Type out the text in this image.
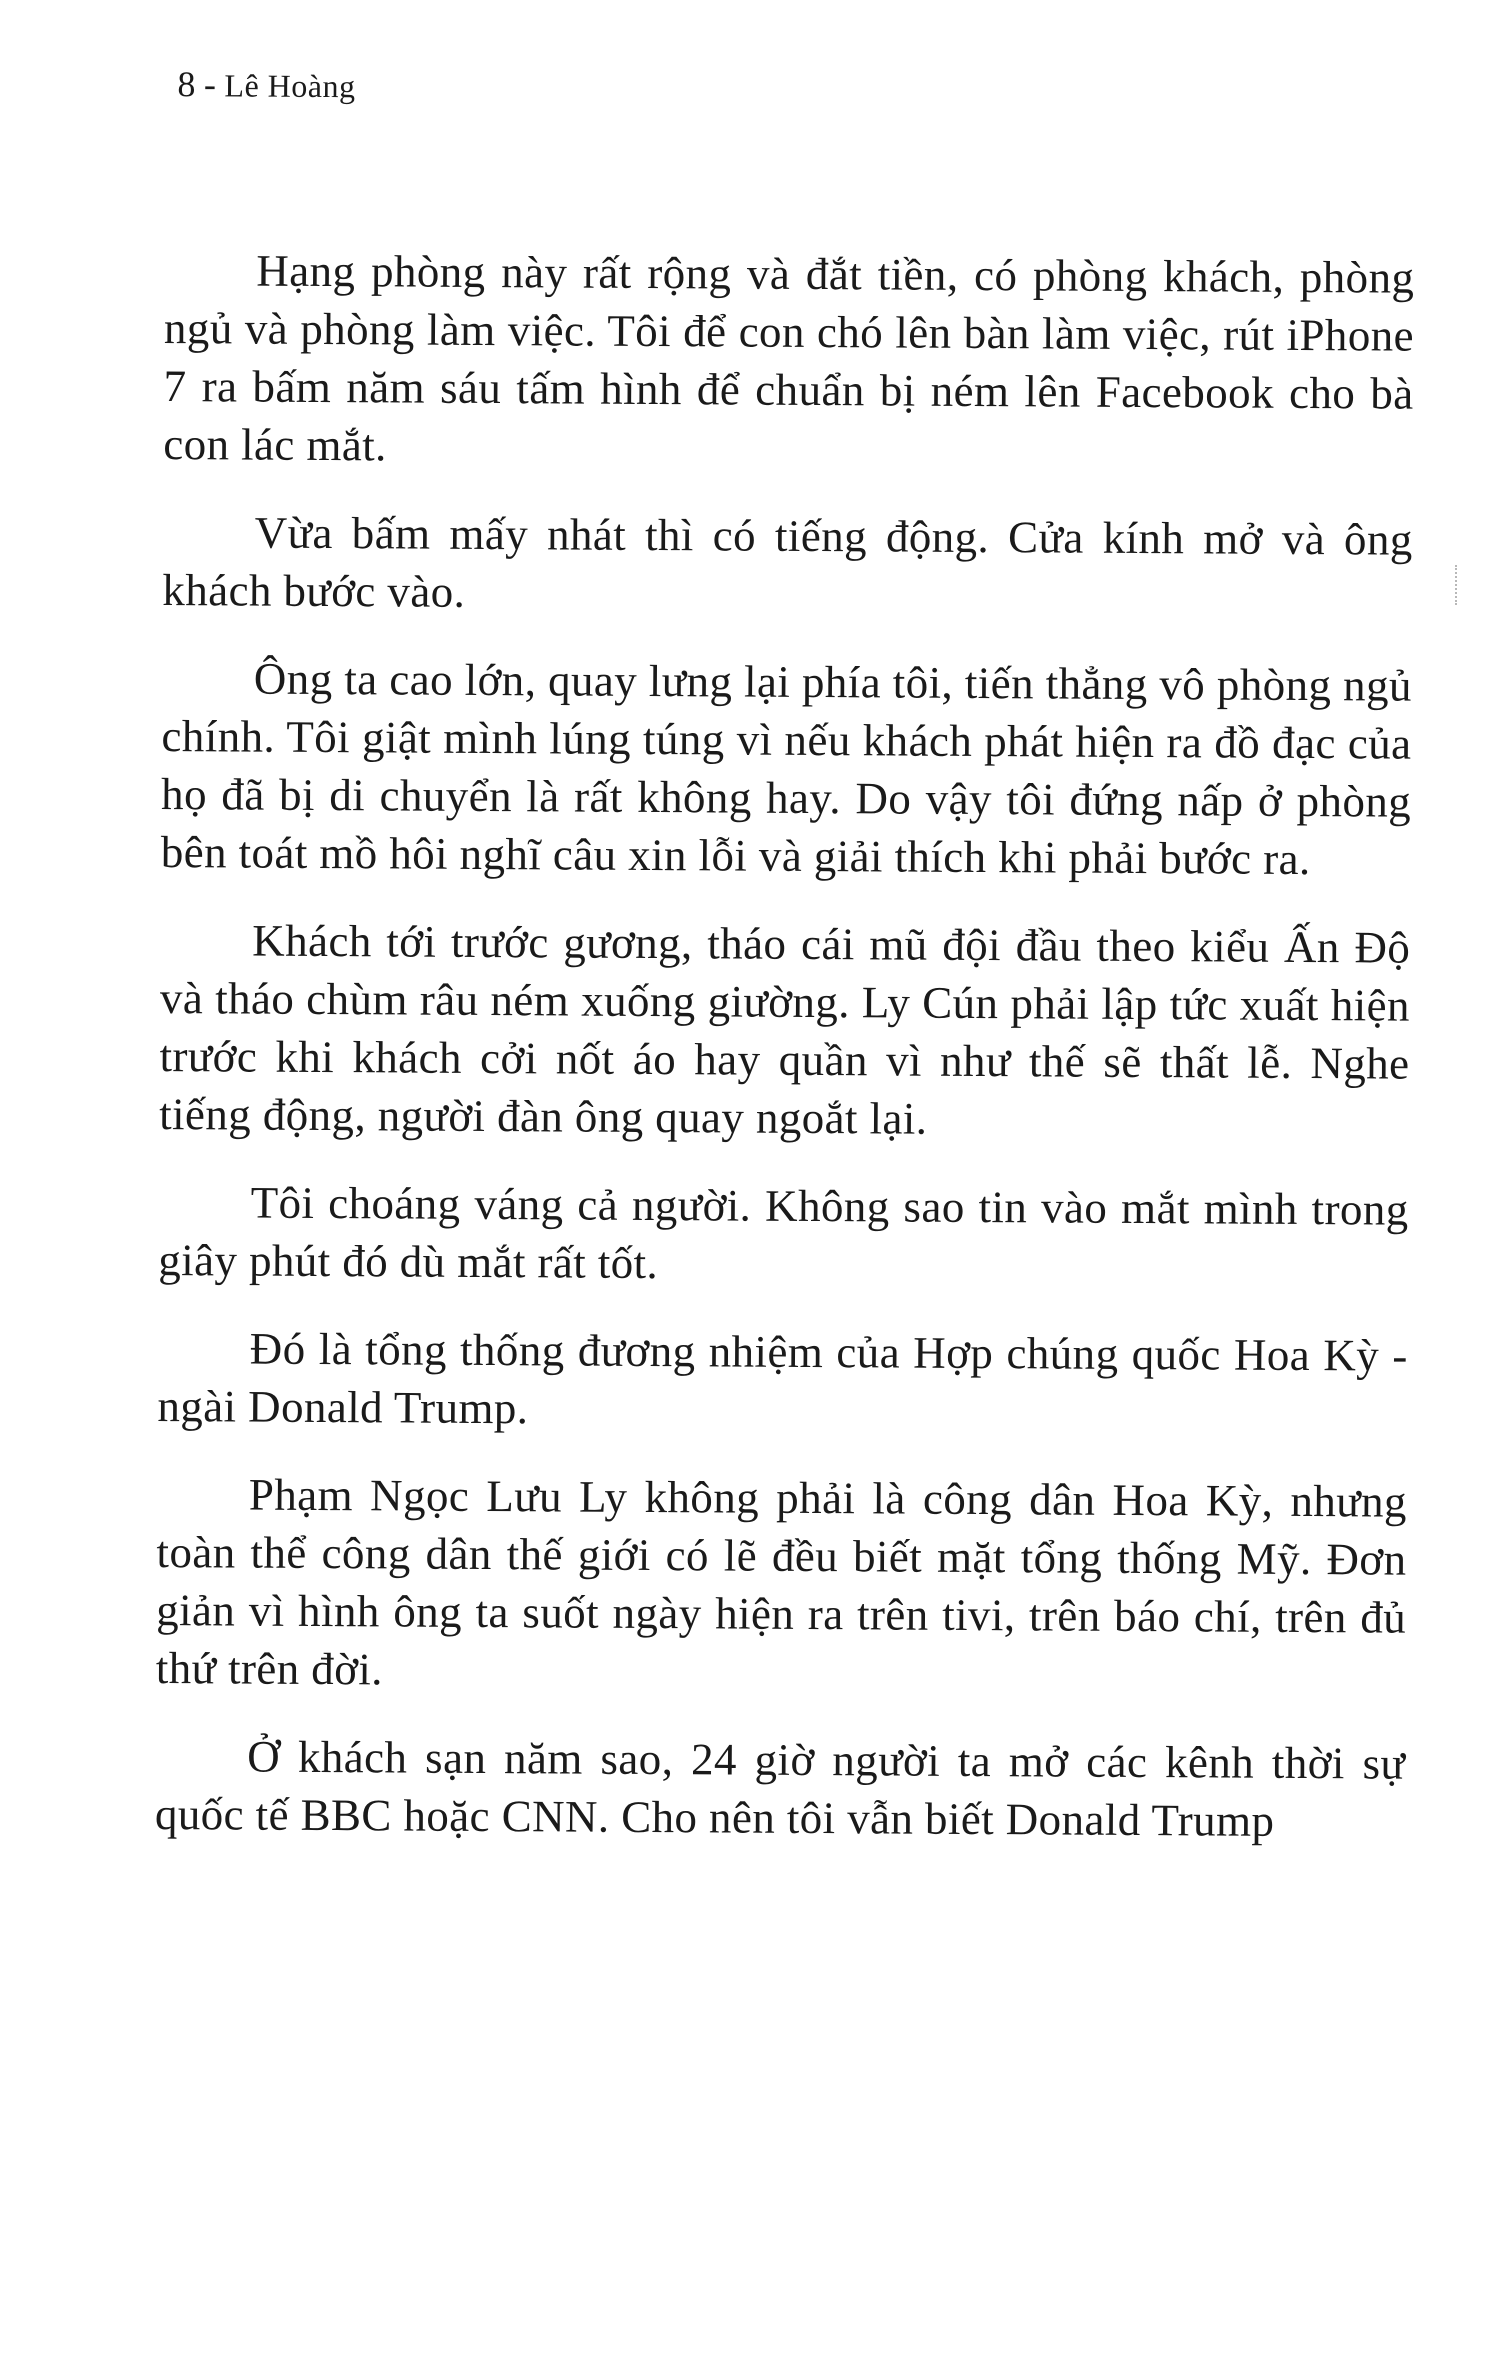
8 - Lê Hoàng

Hạng phòng này rất rộng và đắt tiền, có phòng khách, phòng ngủ và phòng làm việc. Tôi để con chó lên bàn làm việc, rút iPhone 7 ra bấm năm sáu tấm hình để chuẩn bị ném lên Facebook cho bà con lác mắt.

Vừa bấm mấy nhát thì có tiếng động. Cửa kính mở và ông khách bước vào.

Ông ta cao lớn, quay lưng lại phía tôi, tiến thẳng vô phòng ngủ chính. Tôi giật mình lúng túng vì nếu khách phát hiện ra đồ đạc của họ đã bị di chuyển là rất không hay. Do vậy tôi đứng nấp ở phòng bên toát mồ hôi nghĩ câu xin lỗi và giải thích khi phải bước ra.

Khách tới trước gương, tháo cái mũ đội đầu theo kiểu Ấn Độ và tháo chùm râu ném xuống giường. Ly Cún phải lập tức xuất hiện trước khi khách cởi nốt áo hay quần vì như thế sẽ thất lễ. Nghe tiếng động, người đàn ông quay ngoắt lại.

Tôi choáng váng cả người. Không sao tin vào mắt mình trong giây phút đó dù mắt rất tốt.

Đó là tổng thống đương nhiệm của Hợp chúng quốc Hoa Kỳ - ngài Donald Trump.

Phạm Ngọc Lưu Ly không phải là công dân Hoa Kỳ, nhưng toàn thể công dân thế giới có lẽ đều biết mặt tổng thống Mỹ. Đơn giản vì hình ông ta suốt ngày hiện ra trên tivi, trên báo chí, trên đủ thứ trên đời.

Ở khách sạn năm sao, 24 giờ người ta mở các kênh thời sự quốc tế BBC hoặc CNN. Cho nên tôi vẫn biết Donald Trump
